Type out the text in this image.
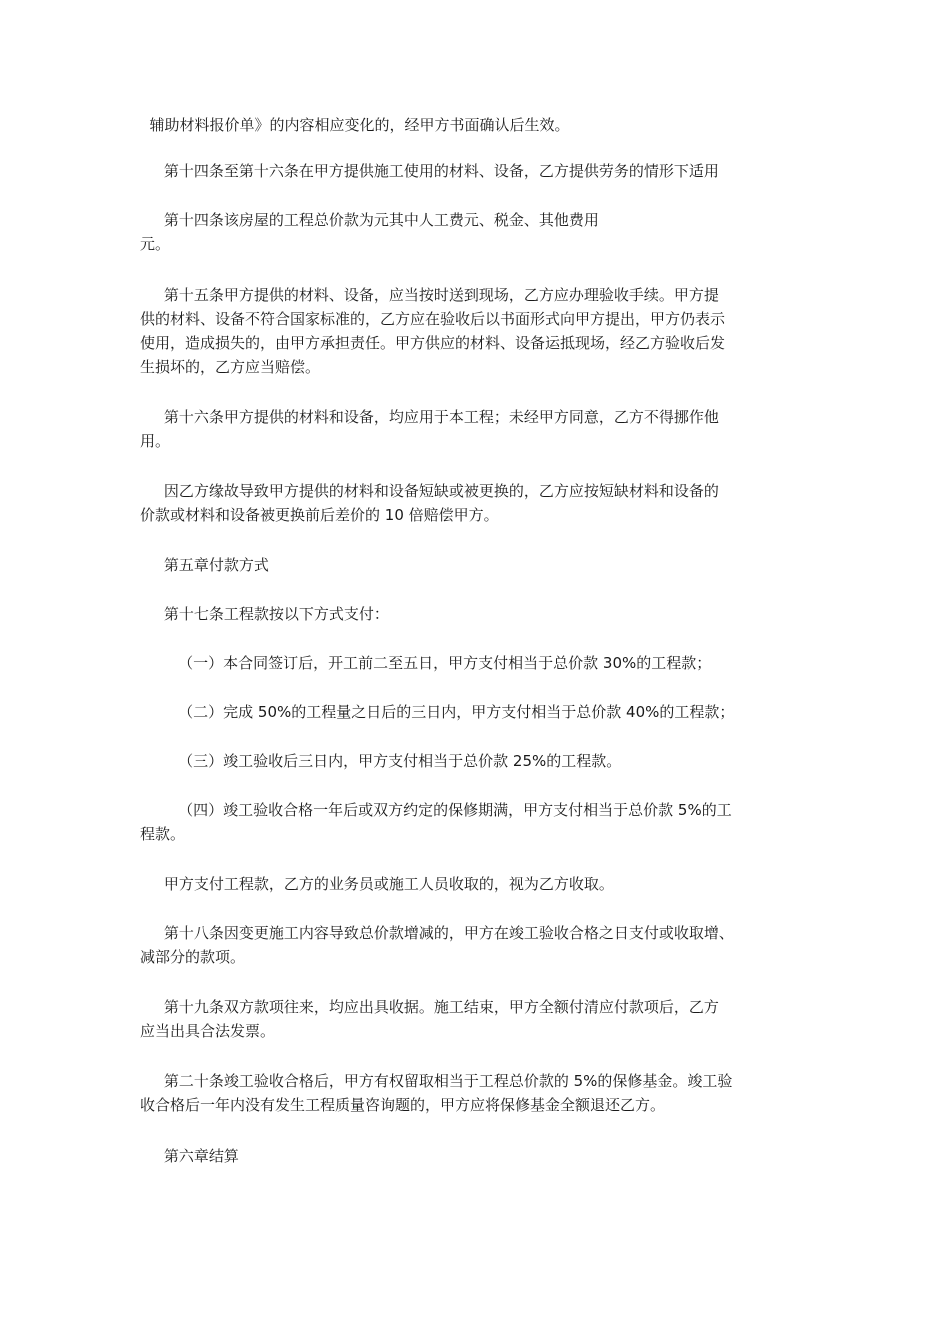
辅助材料报价单》的内容相应变化的，经甲方书面确认后生效。

第十四条至第十六条在甲方提供施工使用的材料、设备，乙方提供劳务的情形下适用

第十四条该房屋的工程总价款为元其中人工费元、税金、其他费用
元。

第十五条甲方提供的材料、设备，应当按时送到现场，乙方应办理验收手续。甲方提
供的材料、设备不符合国家标准的，乙方应在验收后以书面形式向甲方提出，甲方仍表示
使用，造成损失的，由甲方承担责任。甲方供应的材料、设备运抵现场，经乙方验收后发
生损坏的，乙方应当赔偿。

第十六条甲方提供的材料和设备，均应用于本工程；未经甲方同意，乙方不得挪作他
用。

因乙方缘故导致甲方提供的材料和设备短缺或被更换的，乙方应按短缺材料和设备的
价款或材料和设备被更换前后差价的 10 倍赔偿甲方。

第五章付款方式

第十七条工程款按以下方式支付：

（一）本合同签订后，开工前二至五日，甲方支付相当于总价款 30%的工程款；

（二）完成 50%的工程量之日后的三日内，甲方支付相当于总价款 40%的工程款；

（三）竣工验收后三日内，甲方支付相当于总价款 25%的工程款。

（四）竣工验收合格一年后或双方约定的保修期满，甲方支付相当于总价款 5%的工
程款。

甲方支付工程款，乙方的业务员或施工人员收取的，视为乙方收取。

第十八条因变更施工内容导致总价款增减的，甲方在竣工验收合格之日支付或收取增、
减部分的款项。

第十九条双方款项往来，均应出具收据。施工结束，甲方全额付清应付款项后，乙方
应当出具合法发票。

第二十条竣工验收合格后，甲方有权留取相当于工程总价款的 5%的保修基金。竣工验
收合格后一年内没有发生工程质量咨询题的，甲方应将保修基金全额退还乙方。

第六章结算
